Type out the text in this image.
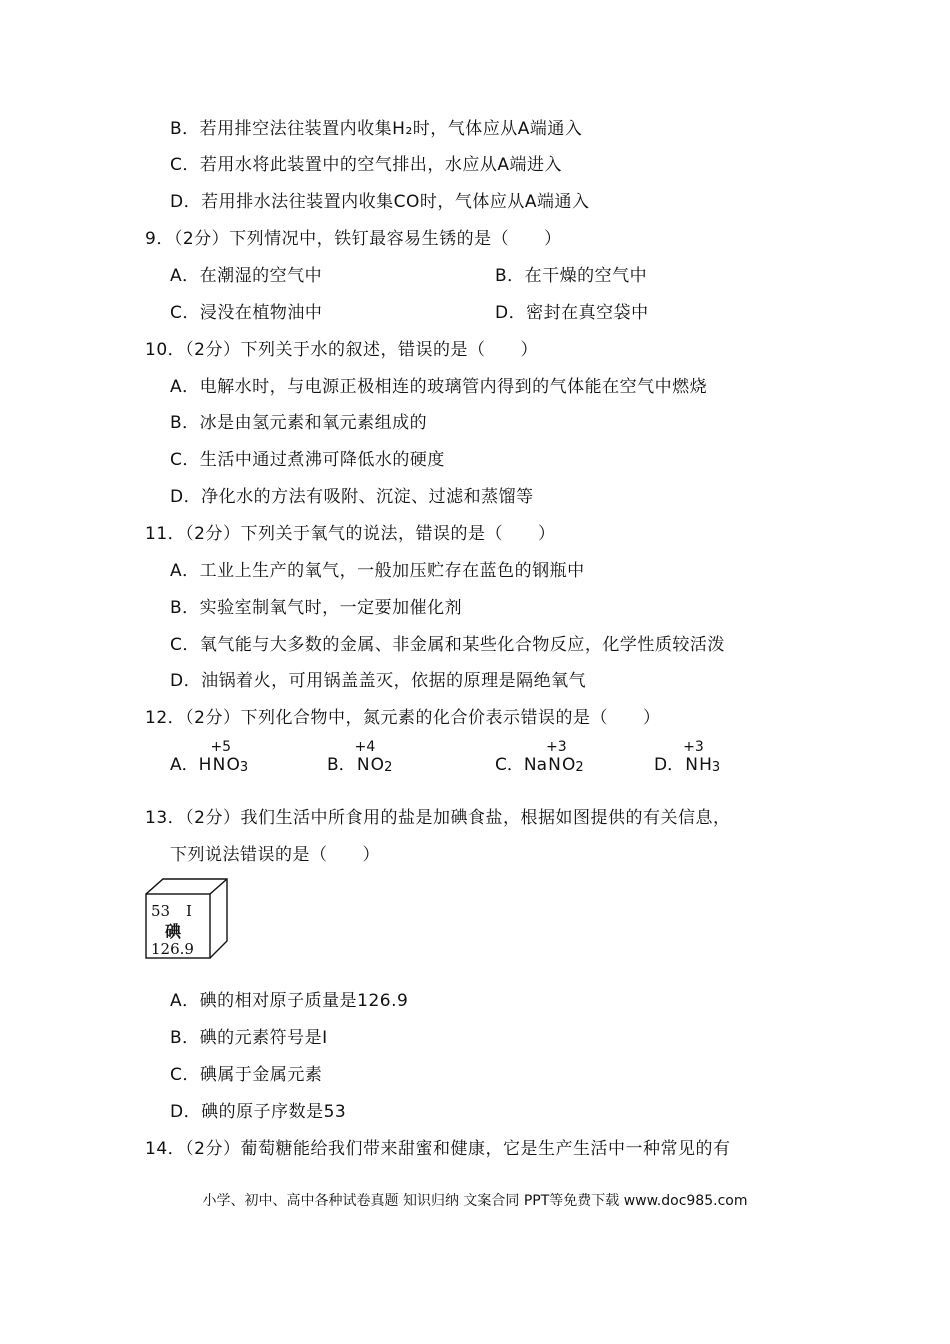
B．若用排空法往装置内收集H₂时，气体应从A端通入
C．若用水将此装置中的空气排出，水应从A端进入
D．若用排水法往装置内收集CO时，气体应从A端通入
9．（2分）下列情况中，铁钉最容易生锈的是（　　）
A．在潮湿的空气中	B．在干燥的空气中
C．浸没在植物油中	D．密封在真空袋中
10．（2分）下列关于水的叙述，错误的是（　　）
A．电解水时，与电源正极相连的玻璃管内得到的气体能在空气中燃烧
B．冰是由氢元素和氧元素组成的
C．生活中通过煮沸可降低水的硬度
D．净化水的方法有吸附、沉淀、过滤和蒸馏等
11．（2分）下列关于氧气的说法，错误的是（　　）
A．工业上生产的氧气，一般加压贮存在蓝色的钢瓶中
B．实验室制氧气时，一定要加催化剂
C．氧气能与大多数的金属、非金属和某些化合物反应，化学性质较活泼
D．油锅着火，可用锅盖盖灭，依据的原理是隔绝氧气
12．（2分）下列化合物中，氮元素的化合价表示错误的是（　　）
A．H
+5
NO3	B．
+4
NO2	C．Na
+3
NO2	D．
+3
NH3
13．（2分）我们生活中所食用的盐是加碘食盐，根据如图提供的有关信息，
下列说法错误的是（　　）
53 I
碘
126.9
A．碘的相对原子质量是126.9
B．碘的元素符号是I
C．碘属于金属元素
D．碘的原子序数是53
14．（2分）葡萄糖能给我们带来甜蜜和健康，它是生产生活中一种常见的有
小学、初中、高中各种试卷真题 知识归纳 文案合同 PPT等免费下载 www.doc985.com
